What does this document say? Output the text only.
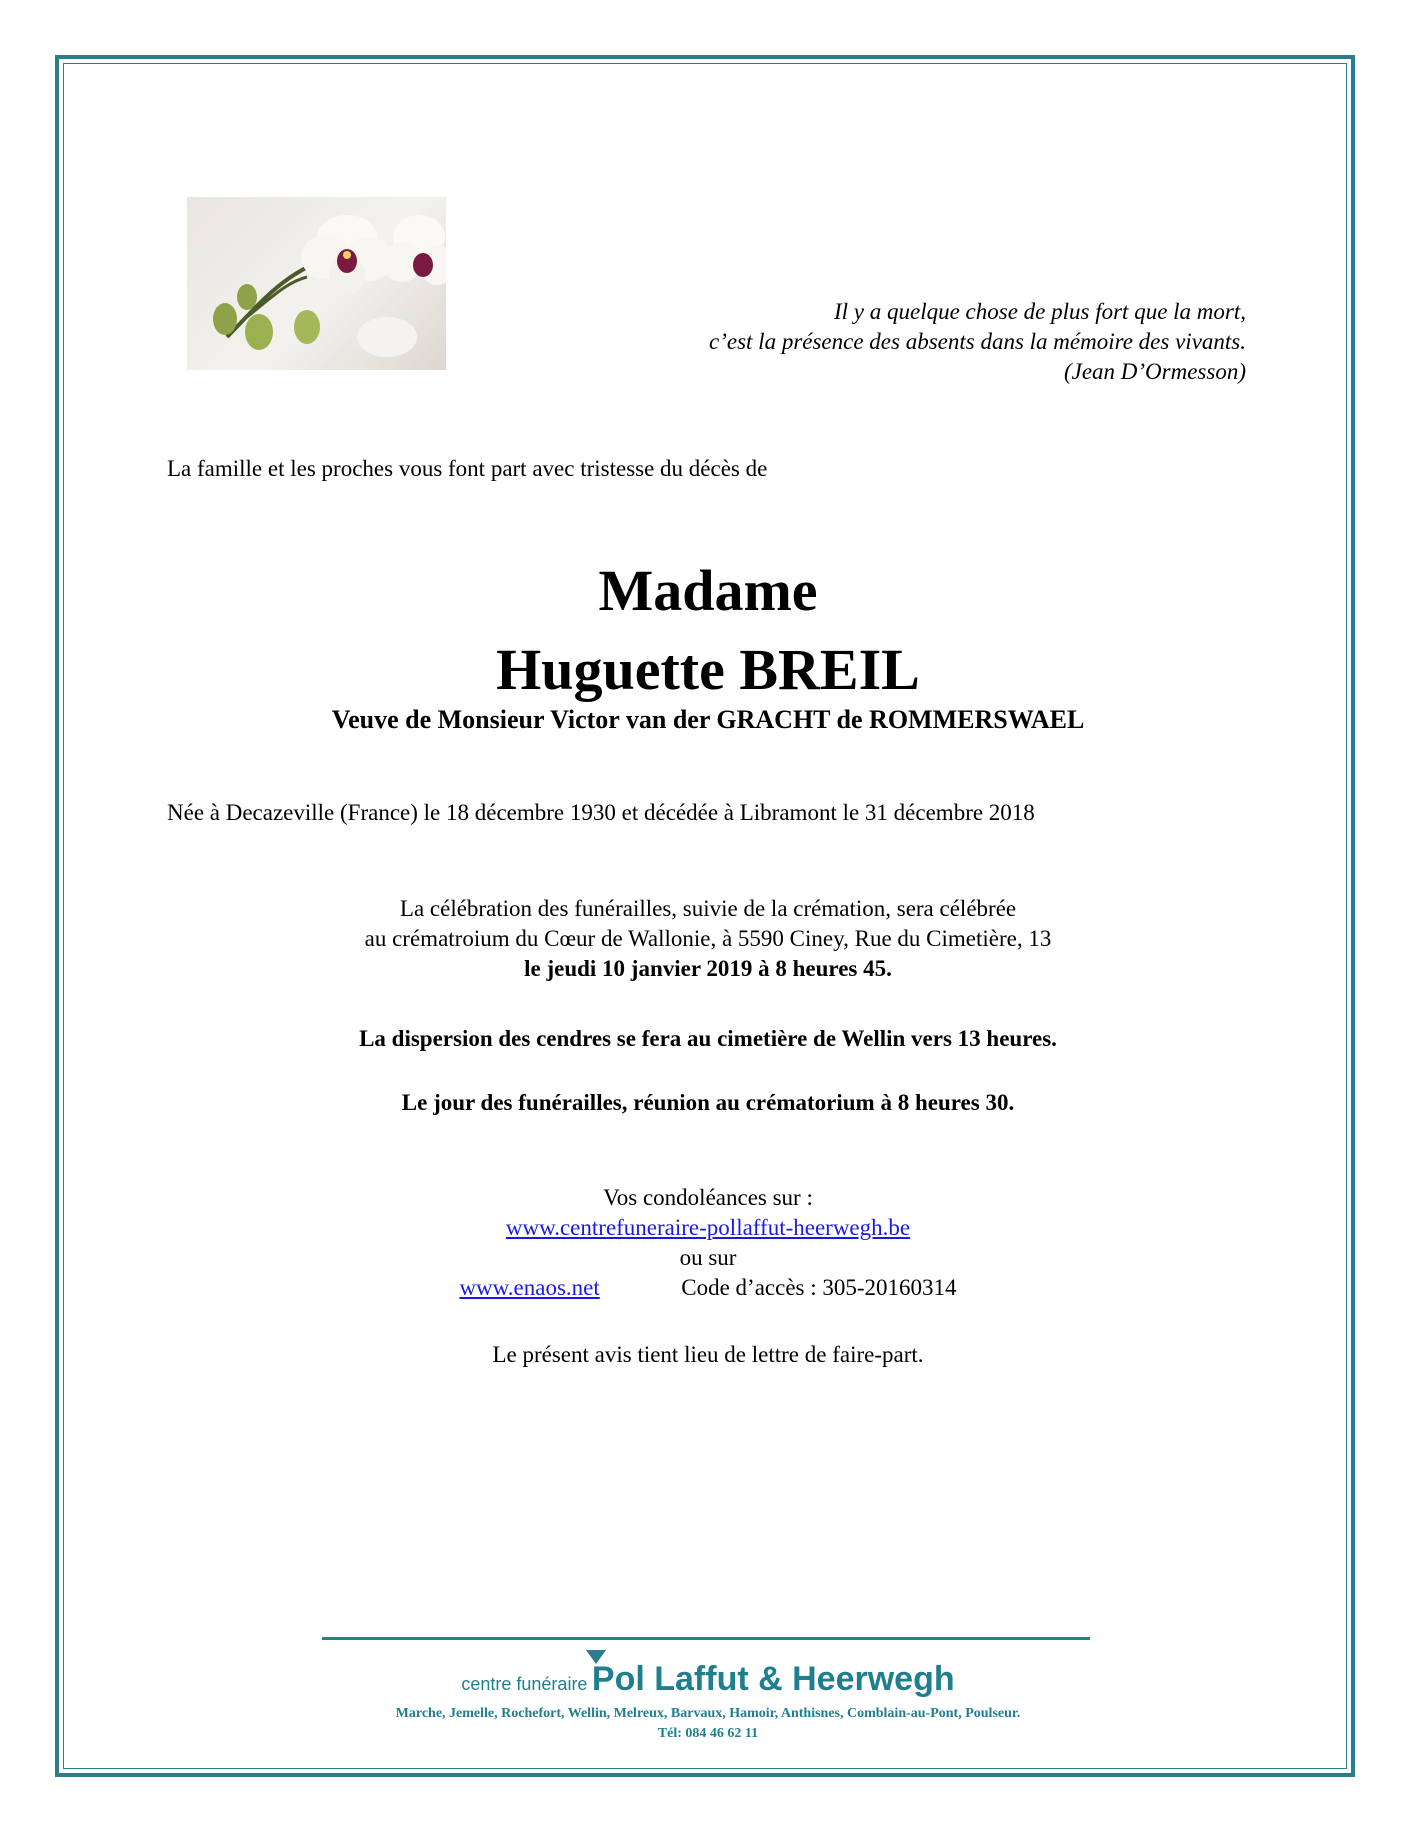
Il y a quelque chose de plus fort que la mort,
c’est la présence des absents dans la mémoire des vivants.
(Jean D’Ormesson)
La famille et les proches vous font part avec tristesse du décès de
Madame
Huguette BREIL
Veuve de Monsieur Victor van der GRACHT de ROMMERSWAEL
Née à Decazeville (France) le 18 décembre 1930 et décédée à Libramont le 31 décembre 2018
La célébration des funérailles, suivie de la crémation, sera célébrée
au crématroium du Cœur de Wallonie, à 5590 Ciney, Rue du Cimetière, 13
le jeudi 10 janvier 2019 à 8 heures 45.
La dispersion des cendres se fera au cimetière de Wellin vers 13 heures.
Le jour des funérailles, réunion au crématorium à 8 heures 30.
Vos condoléances sur :
www.centrefuneraire-pollaffut-heerwegh.be
ou sur
www.enaos.net	Code d’accès : 305-20160314
Le présent avis tient lieu de lettre de faire-part.
centre funéraire Pol Laffut & Heerwegh
Marche, Jemelle, Rochefort, Wellin, Melreux, Barvaux, Hamoir, Anthisnes, Comblain-au-Pont, Poulseur.
Tél: 084 46 62 11
